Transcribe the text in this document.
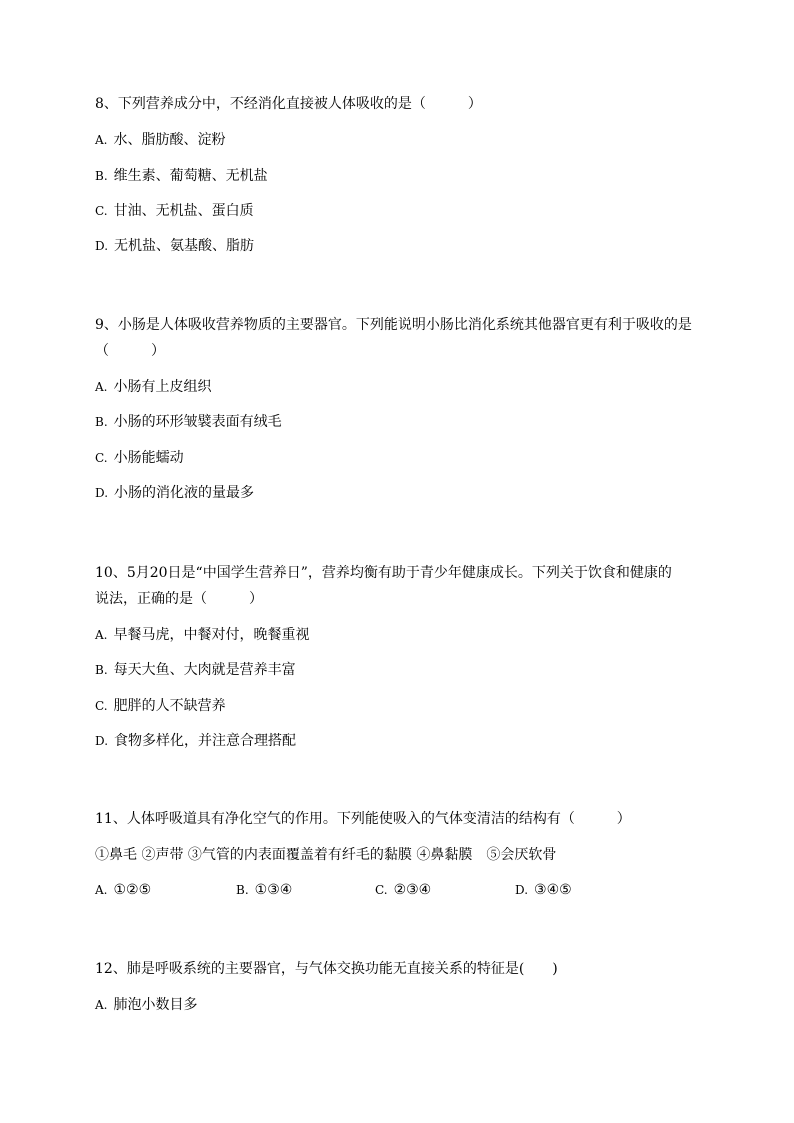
8、下列营养成分中，不经消化直接被人体吸收的是（　　　）

A. 水、脂肪酸、淀粉

B. 维生素、葡萄糖、无机盐

C. 甘油、无机盐、蛋白质

D. 无机盐、氨基酸、脂肪

9、小肠是人体吸收营养物质的主要器官。下列能说明小肠比消化系统其他器官更有利于吸收的是

（　　　）

A. 小肠有上皮组织

B. 小肠的环形皱襞表面有绒毛

C. 小肠能蠕动

D. 小肠的消化液的量最多

10、5月20日是“中国学生营养日”，营养均衡有助于青少年健康成长。下列关于饮食和健康的

说法，正确的是（　　　）

A. 早餐马虎，中餐对付，晚餐重视

B. 每天大鱼、大肉就是营养丰富

C. 肥胖的人不缺营养

D. 食物多样化，并注意合理搭配

11、人体呼吸道具有净化空气的作用。下列能使吸入的气体变清洁的结构有（　　　）

①鼻毛 ②声带 ③气管的内表面覆盖着有纤毛的黏膜 ④鼻黏膜　⑤会厌软骨

A. ①②⑤	B. ①③④	C. ②③④	D. ③④⑤

12、肺是呼吸系统的主要器官，与气体交换功能无直接关系的特征是(　　)

A. 肺泡小数目多
